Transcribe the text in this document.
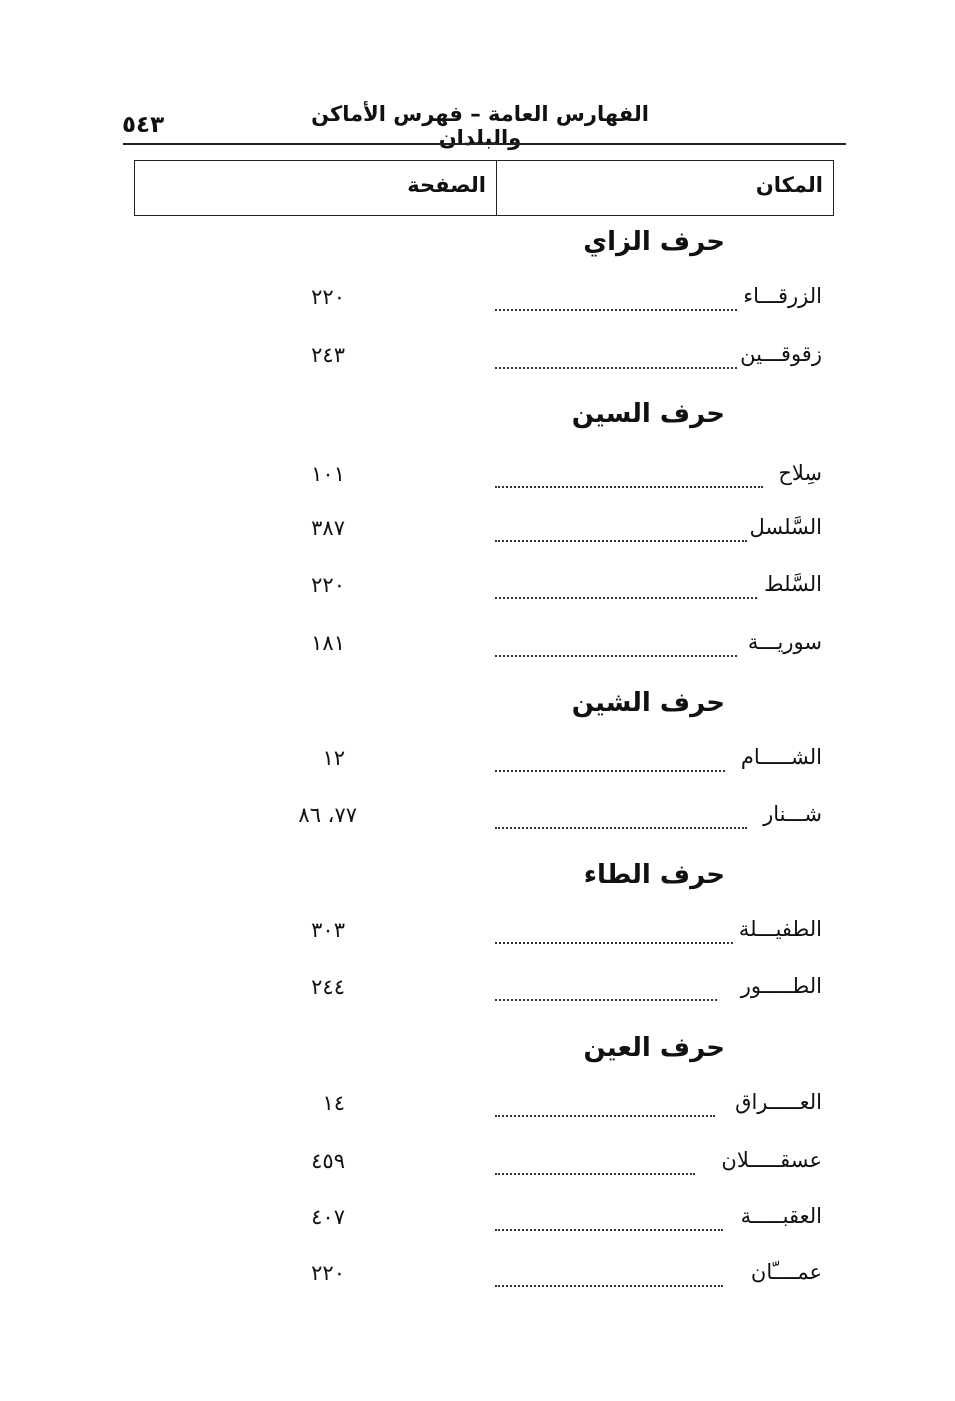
الفهارس العامة – فهرس الأماكن والبلدان
٥٤٣
المكان
الصفحة
حرف الزاي
الزرقـــاء
٢٢٠
زقوقـــين
٢٤٣
حرف السين
سِلاح
١٠١
السَّلسل
٣٨٧
السَّلط
٢٢٠
سوريـــة
١٨١
حرف الشين
الشـــــام
١٢
شـــنار
٧٧، ٨٦
حرف الطاء
الطفيـــلة
٣٠٣
الطـــــور
٢٤٤
حرف العين
العـــــراق
١٤
عسقـــــلان
٤٥٩
العقبـــــة
٤٠٧
عمــــّان
٢٢٠
